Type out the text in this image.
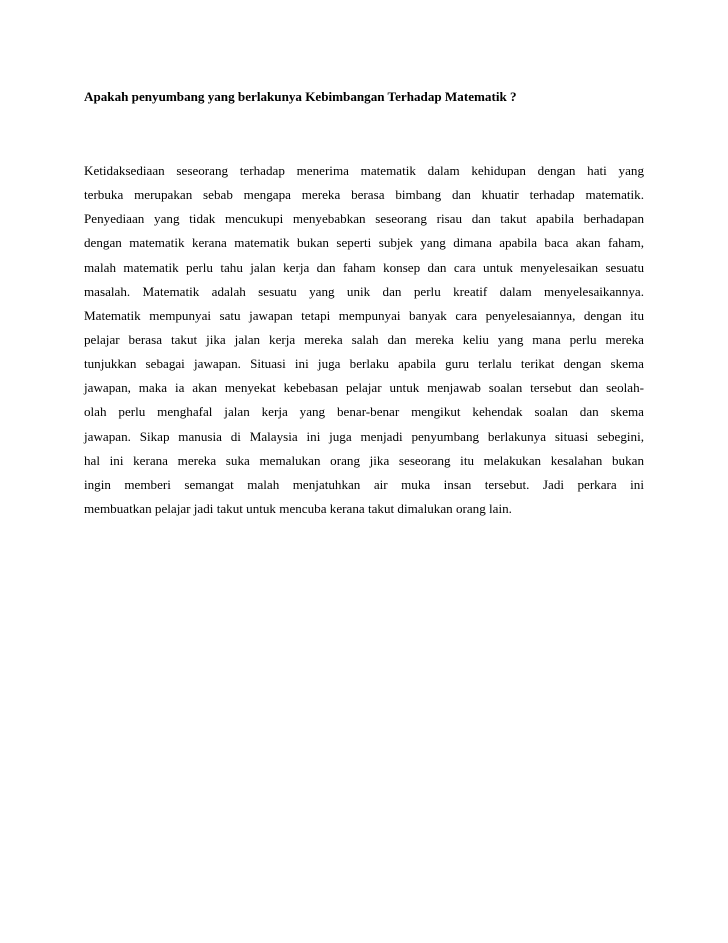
Apakah penyumbang yang berlakunya Kebimbangan Terhadap Matematik ?
Ketidaksediaan seseorang terhadap menerima matematik dalam kehidupan dengan hati yang
terbuka merupakan sebab mengapa mereka berasa bimbang dan khuatir terhadap matematik.
Penyediaan yang tidak mencukupi menyebabkan seseorang risau dan takut apabila berhadapan
dengan matematik kerana matematik bukan seperti subjek yang dimana apabila baca akan faham,
malah matematik perlu tahu jalan kerja dan faham konsep dan cara untuk menyelesaikan sesuatu
masalah. Matematik adalah sesuatu yang unik dan perlu kreatif dalam menyelesaikannya.
Matematik mempunyai satu jawapan tetapi mempunyai banyak cara penyelesaiannya, dengan itu
pelajar berasa takut jika jalan kerja mereka salah dan mereka keliu yang mana perlu mereka
tunjukkan sebagai jawapan. Situasi ini juga berlaku apabila guru terlalu terikat dengan skema
jawapan, maka ia akan menyekat kebebasan pelajar untuk menjawab soalan tersebut dan seolah-
olah perlu menghafal jalan kerja yang benar-benar mengikut kehendak soalan dan skema
jawapan. Sikap manusia di Malaysia ini juga menjadi penyumbang berlakunya situasi sebegini,
hal ini kerana mereka suka memalukan orang jika seseorang itu melakukan kesalahan bukan
ingin memberi semangat malah menjatuhkan air muka insan tersebut. Jadi perkara ini
membuatkan pelajar jadi takut untuk mencuba kerana takut dimalukan orang lain.
